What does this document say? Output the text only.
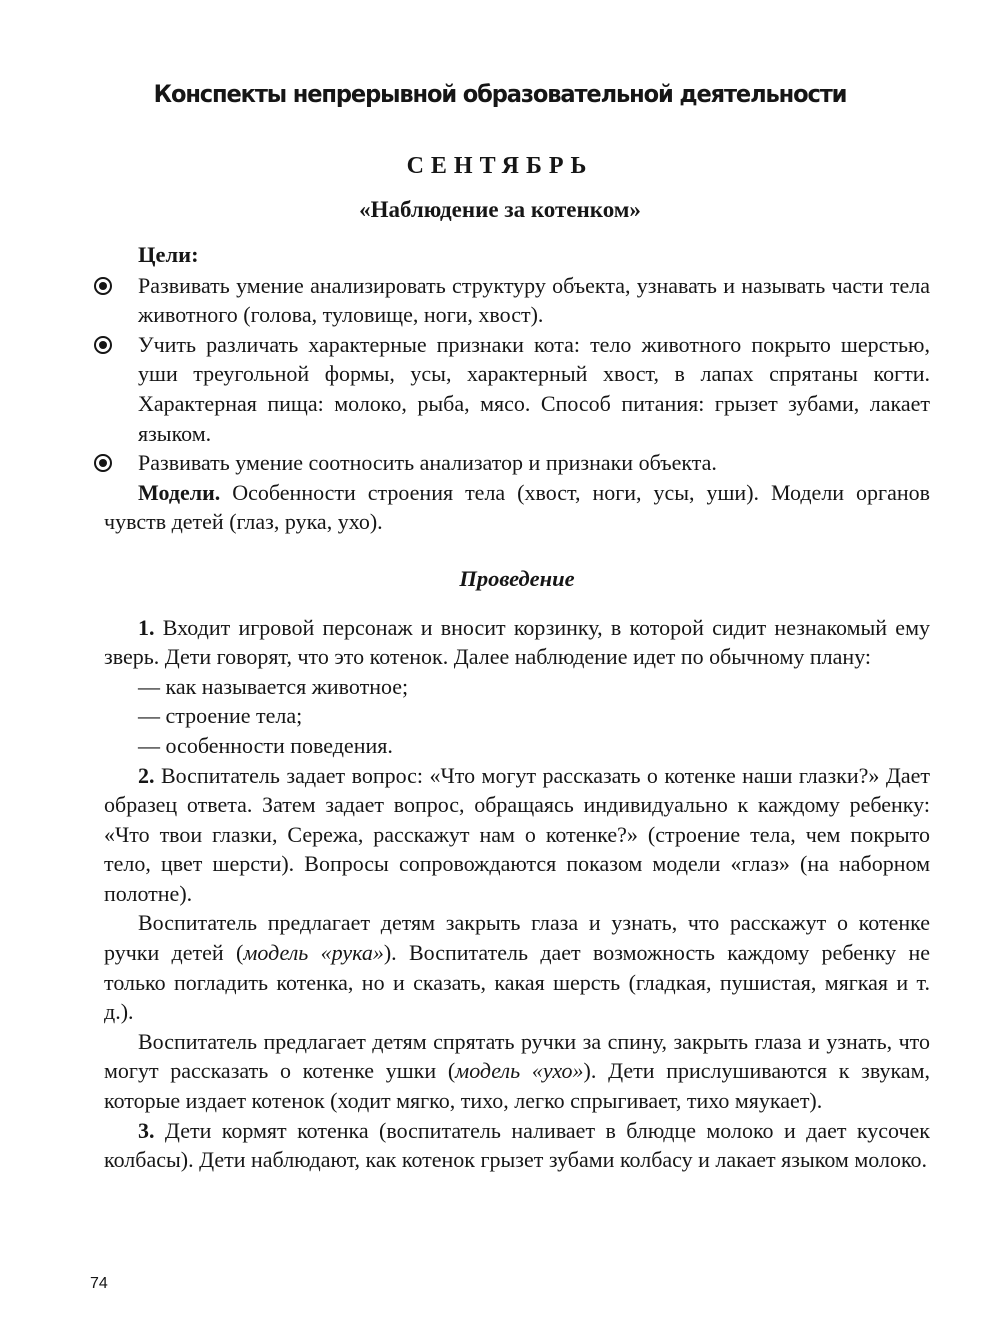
Конспекты непрерывной образовательной деятельности
СЕНТЯБРЬ
«Наблюдение за котенком»

Цели:

Развивать умение анализировать структуру объекта, узнавать и называть части тела животного (голова, туловище, ноги, хвост).

Учить различать характерные признаки кота: тело животного покрыто шерстью, уши треугольной формы, усы, характерный хвост, в лапах спрятаны когти. Характерная пища: молоко, рыба, мясо. Способ питания: грызет зубами, лакает языком.

Развивать умение соотносить анализатор и признаки объекта.

Модели. Особенности строения тела (хвост, ноги, усы, уши). Модели органов чувств детей (глаз, рука, ухо).

Проведение

1. Входит игровой персонаж и вносит корзинку, в которой сидит незнакомый ему зверь. Дети говорят, что это котенок. Далее наблюдение идет по обычному плану:

— как называется животное;

— строение тела;

— особенности поведения.

2. Воспитатель задает вопрос: «Что могут рассказать о котенке наши глазки?» Дает образец ответа. Затем задает вопрос, обращаясь индивидуально к каждому ребенку: «Что твои глазки, Сережа, расскажут нам о котенке?» (строение тела, чем покрыто тело, цвет шерсти). Вопросы сопровождаются показом модели «глаз» (на наборном полотне).

Воспитатель предлагает детям закрыть глаза и узнать, что расскажут о котенке ручки детей (модель «рука»). Воспитатель дает возможность каждому ребенку не только погладить котенка, но и сказать, какая шерсть (гладкая, пушистая, мягкая и т. д.).

Воспитатель предлагает детям спрятать ручки за спину, закрыть глаза и узнать, что могут рассказать о котенке ушки (модель «ухо»). Дети прислушиваются к звукам, которые издает котенок (ходит мягко, тихо, легко спрыгивает, тихо мяукает).

3. Дети кормят котенка (воспитатель наливает в блюдце молоко и дает кусочек колбасы). Дети наблюдают, как котенок грызет зубами колбасу и лакает языком молоко.

74
